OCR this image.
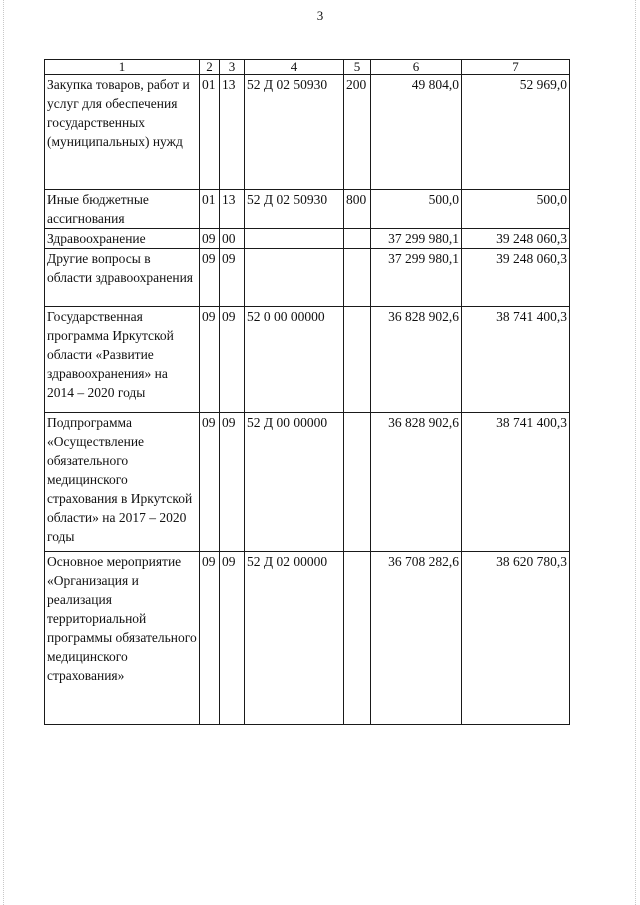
3
1	2	3	4	5	6	7
Закупка товаров, работ и услуг для обеспечения государственных (муниципальных) нужд	01	13	52 Д 02 50930	200	49 804,0	52 969,0
Иные бюджетные ассигнования	01	13	52 Д 02 50930	800	500,0	500,0
Здравоохранение	09	00			37 299 980,1	39 248 060,3
Другие вопросы в области здравоохранения	09	09			37 299 980,1	39 248 060,3
Государственная программа Иркутской области «Развитие здравоохранения» на 2014 – 2020 годы	09	09	52 0 00 00000		36 828 902,6	38 741 400,3
Подпрограмма «Осуществление обязательного медицинского страхования в Иркутской области» на 2017 – 2020 годы	09	09	52 Д 00 00000		36 828 902,6	38 741 400,3
Основное мероприятие «Организация и реализация территориальной программы обязательного медицинского страхования»	09	09	52 Д 02 00000		36 708 282,6	38 620 780,3
